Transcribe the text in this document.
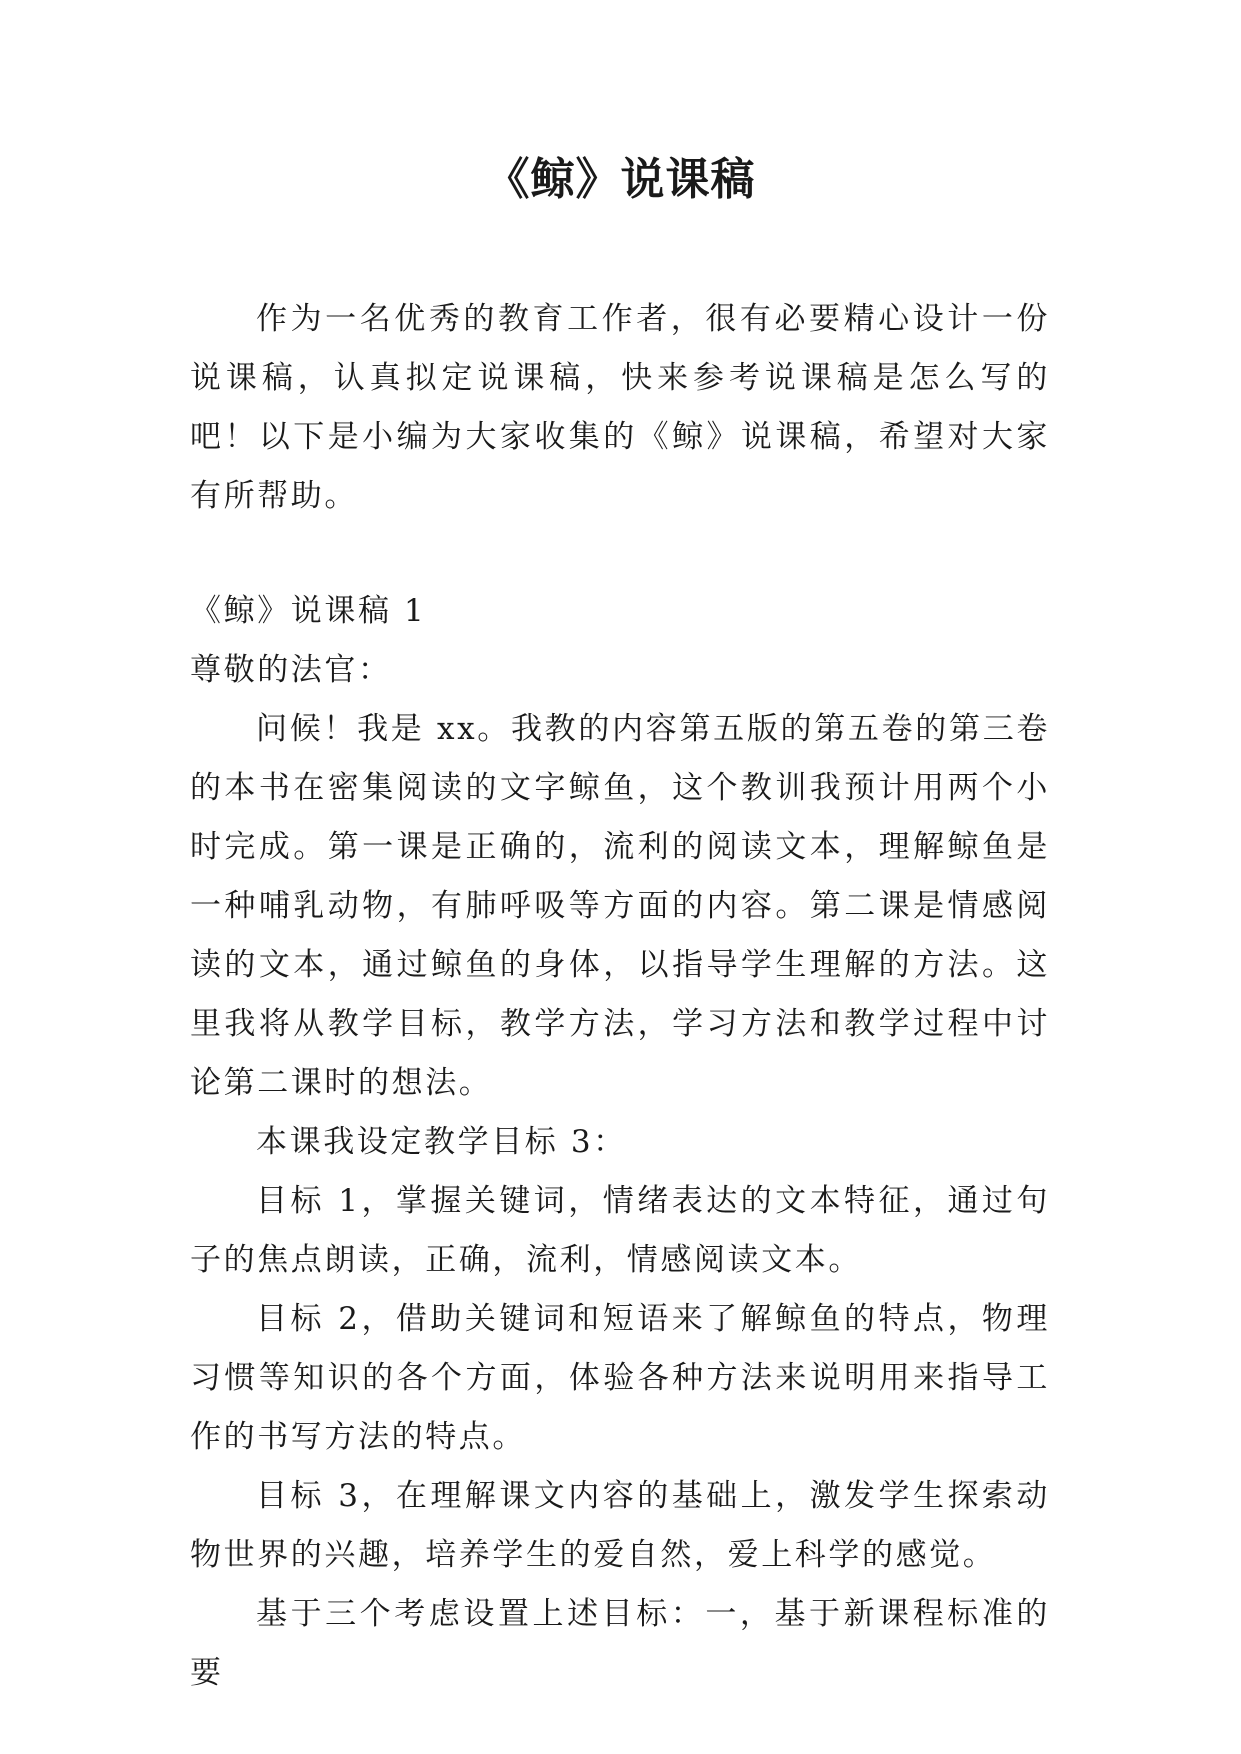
《鲸》说课稿

作为一名优秀的教育工作者，很有必要精心设计一份说课稿，认真拟定说课稿，快来参考说课稿是怎么写的吧！以下是小编为大家收集的《鲸》说课稿，希望对大家有所帮助。

《鲸》说课稿 1

尊敬的法官：

问候！我是 xx。我教的内容第五版的第五卷的第三卷的本书在密集阅读的文字鲸鱼，这个教训我预计用两个小时完成。第一课是正确的，流利的阅读文本，理解鲸鱼是一种哺乳动物，有肺呼吸等方面的内容。第二课是情感阅读的文本，通过鲸鱼的身体，以指导学生理解的方法。这里我将从教学目标，教学方法，学习方法和教学过程中讨论第二课时的想法。

本课我设定教学目标 3：

目标 1，掌握关键词，情绪表达的文本特征，通过句子的焦点朗读，正确，流利，情感阅读文本。

目标 2，借助关键词和短语来了解鲸鱼的特点，物理习惯等知识的各个方面，体验各种方法来说明用来指导工作的书写方法的特点。

目标 3，在理解课文内容的基础上，激发学生探索动物世界的兴趣，培养学生的爱自然，爱上科学的感觉。

基于三个考虑设置上述目标：一，基于新课程标准的要
